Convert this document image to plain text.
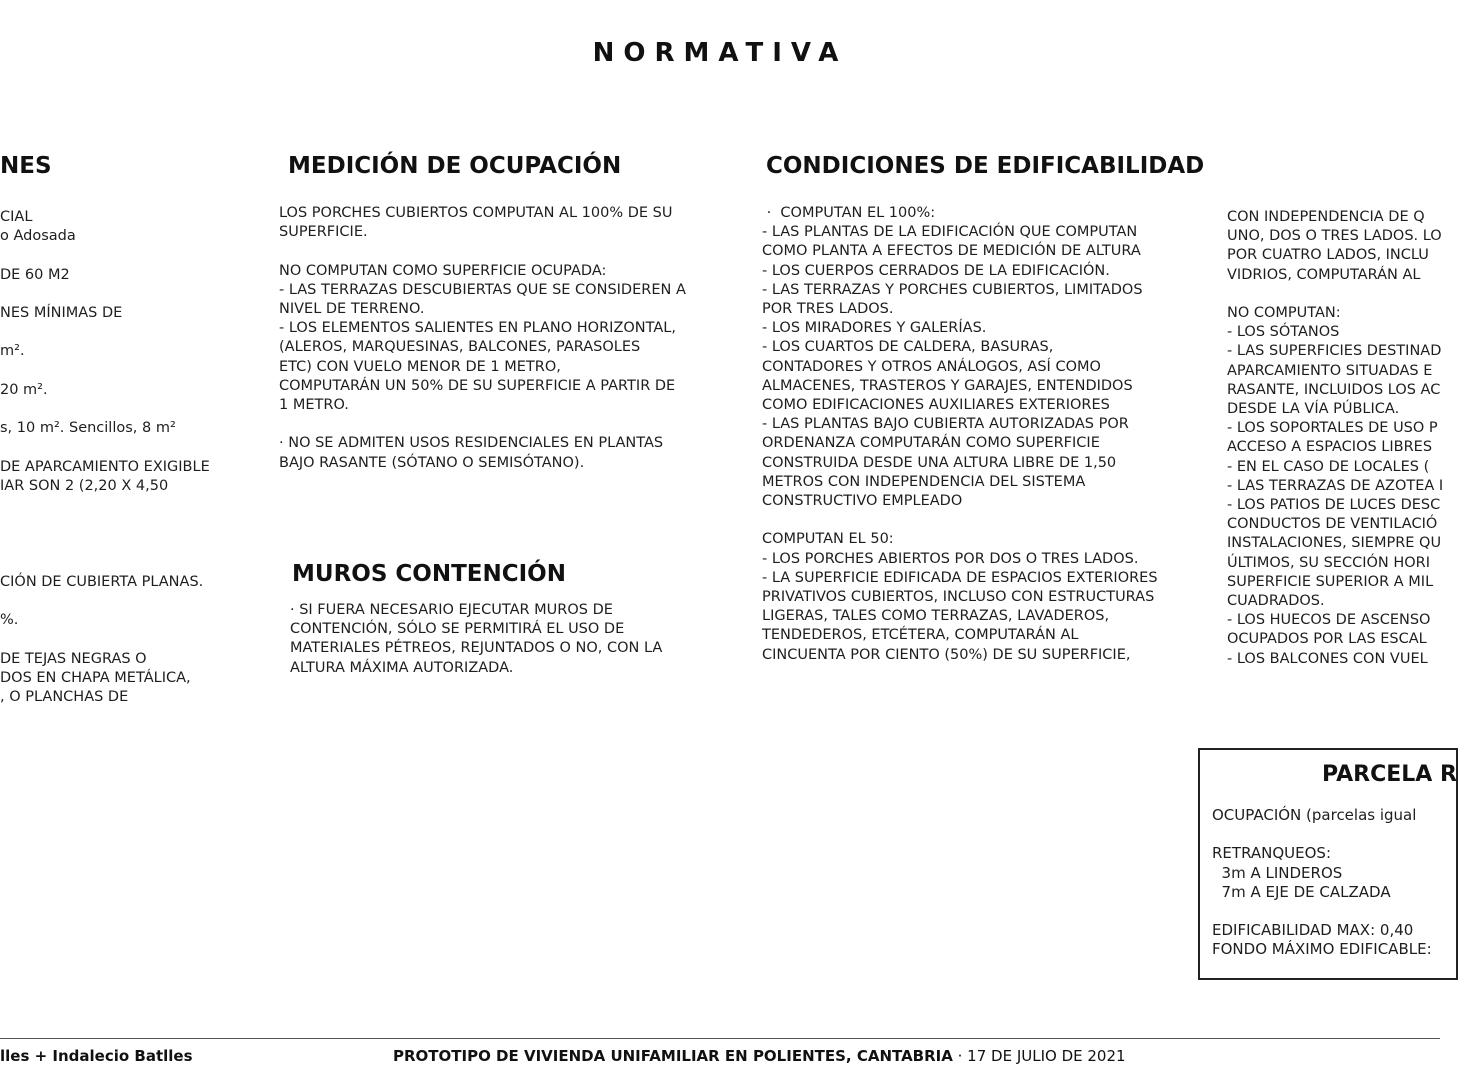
NORMATIVA
NES
CIAL
o Adosada

DE 60 M2

NES MÍNIMAS DE

m².

20 m².

s, 10 m². Sencillos, 8 m²

DE APARCAMIENTO EXIGIBLE
IAR SON 2 (2,20 X 4,50

CIÓN DE CUBIERTA PLANAS.

%.

DE TEJAS NEGRAS O
DOS EN CHAPA METÁLICA,
, O PLANCHAS DE
MEDICIÓN DE OCUPACIÓN
LOS PORCHES CUBIERTOS COMPUTAN AL 100% DE SU
SUPERFICIE.

NO COMPUTAN COMO SUPERFICIE OCUPADA:
- LAS TERRAZAS DESCUBIERTAS QUE SE CONSIDEREN A
NIVEL DE TERRENO.
- LOS ELEMENTOS SALIENTES EN PLANO HORIZONTAL,
(ALEROS, MARQUESINAS, BALCONES, PARASOLES
ETC) CON VUELO MENOR DE 1 METRO,
COMPUTARÁN UN 50% DE SU SUPERFICIE A PARTIR DE
1 METRO.

· NO SE ADMITEN USOS RESIDENCIALES EN PLANTAS
BAJO RASANTE (SÓTANO O SEMISÓTANO).
MUROS CONTENCIÓN
· SI FUERA NECESARIO EJECUTAR MUROS DE
CONTENCIÓN, SÓLO SE PERMITIRÁ EL USO DE
MATERIALES PÉTREOS, REJUNTADOS O NO, CON LA
ALTURA MÁXIMA AUTORIZADA.
CONDICIONES DE EDIFICABILIDAD
·  COMPUTAN EL 100%:
- LAS PLANTAS DE LA EDIFICACIÓN QUE COMPUTAN
COMO PLANTA A EFECTOS DE MEDICIÓN DE ALTURA
- LOS CUERPOS CERRADOS DE LA EDIFICACIÓN.
- LAS TERRAZAS Y PORCHES CUBIERTOS, LIMITADOS
POR TRES LADOS.
- LOS MIRADORES Y GALERÍAS.
- LOS CUARTOS DE CALDERA, BASURAS,
CONTADORES Y OTROS ANÁLOGOS, ASÍ COMO
ALMACENES, TRASTEROS Y GARAJES, ENTENDIDOS
COMO EDIFICACIONES AUXILIARES EXTERIORES
- LAS PLANTAS BAJO CUBIERTA AUTORIZADAS POR
ORDENANZA COMPUTARÁN COMO SUPERFICIE
CONSTRUIDA DESDE UNA ALTURA LIBRE DE 1,50
METROS CON INDEPENDENCIA DEL SISTEMA
CONSTRUCTIVO EMPLEADO

COMPUTAN EL 50:
- LOS PORCHES ABIERTOS POR DOS O TRES LADOS.
- LA SUPERFICIE EDIFICADA DE ESPACIOS EXTERIORES
PRIVATIVOS CUBIERTOS, INCLUSO CON ESTRUCTURAS
LIGERAS, TALES COMO TERRAZAS, LAVADEROS,
TENDEDEROS, ETCÉTERA, COMPUTARÁN AL
CINCUENTA POR CIENTO (50%) DE SU SUPERFICIE,
CON INDEPENDENCIA DE Q
UNO, DOS O TRES LADOS. LO
POR CUATRO LADOS, INCLU
VIDRIOS, COMPUTARÁN AL

NO COMPUTAN:
- LOS SÓTANOS
- LAS SUPERFICIES DESTINAD
APARCAMIENTO SITUADAS E
RASANTE, INCLUIDOS LOS AC
DESDE LA VÍA PÚBLICA.
- LOS SOPORTALES DE USO P
ACCESO A ESPACIOS LIBRES
- EN EL CASO DE LOCALES (
- LAS TERRAZAS DE AZOTEA I
- LOS PATIOS DE LUCES DESC
CONDUCTOS DE VENTILACIÓ
INSTALACIONES, SIEMPRE QU
ÚLTIMOS, SU SECCIÓN HORI
SUPERFICIE SUPERIOR A MIL
CUADRADOS.
- LOS HUECOS DE ASCENSO
OCUPADOS POR LAS ESCAL
- LOS BALCONES CON VUEL
PARCELA R
OCUPACIÓN (parcelas igual

RETRANQUEOS:
3m A LINDEROS
7m A EJE DE CALZADA

EDIFICABILIDAD MAX: 0,40
FONDO MÁXIMO EDIFICABLE:
lles + Indalecio Batlles	PROTOTIPO DE VIVIENDA UNIFAMILIAR EN POLIENTES, CANTABRIA · 17 DE JULIO DE 2021
